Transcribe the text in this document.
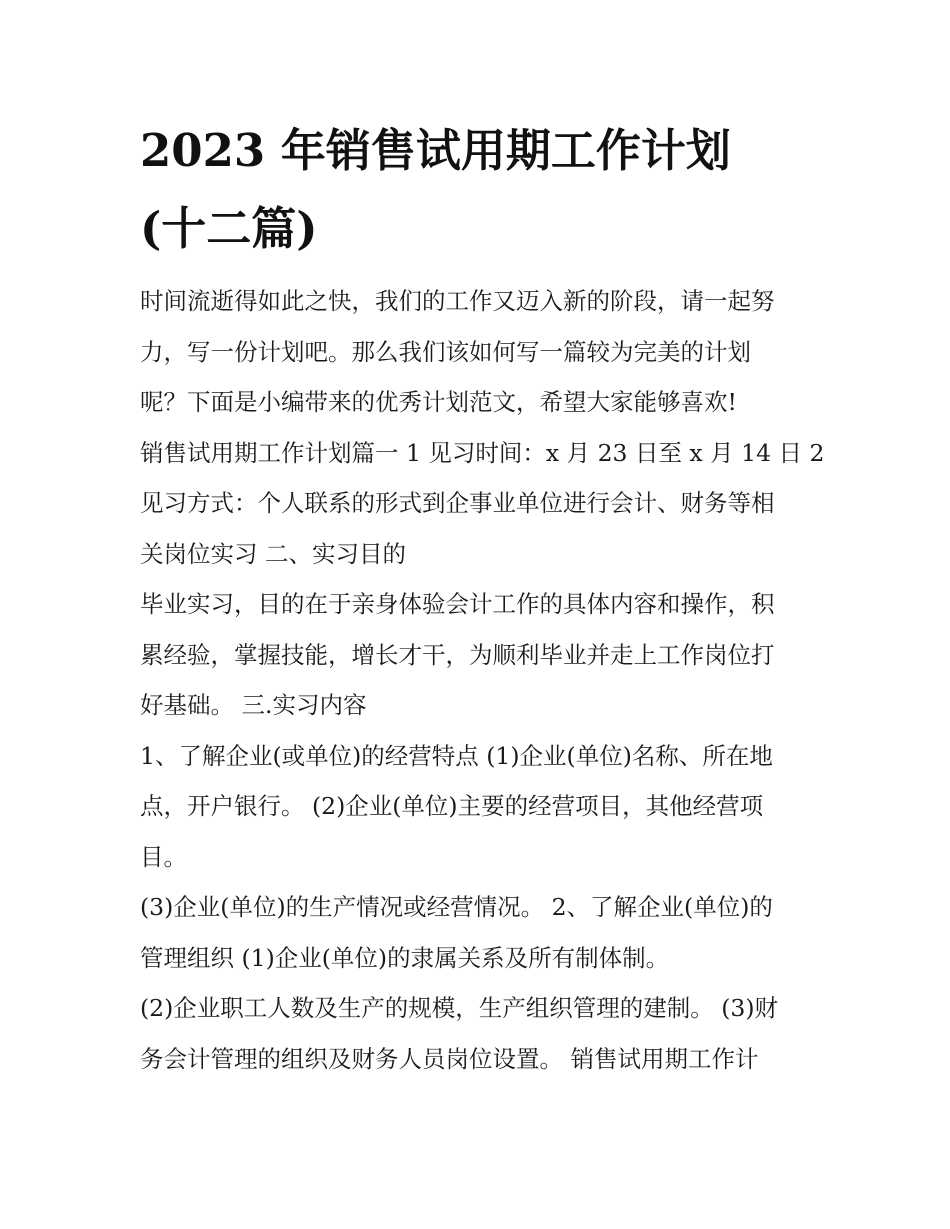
2023 年销售试用期工作计划
(十二篇)
时间流逝得如此之快，我们的工作又迈入新的阶段，请一起努
力，写一份计划吧。那么我们该如何写一篇较为完美的计划
呢？下面是小编带来的优秀计划范文，希望大家能够喜欢!
销售试用期工作计划篇一 1 见习时间：x 月 23 日至 x 月 14 日 2
见习方式：个人联系的形式到企事业单位进行会计、财务等相
关岗位实习 二、实习目的
毕业实习，目的在于亲身体验会计工作的具体内容和操作，积
累经验，掌握技能，增长才干，为顺利毕业并走上工作岗位打
好基础。 三.实习内容
1、了解企业(或单位)的经营特点 (1)企业(单位)名称、所在地
点，开户银行。 (2)企业(单位)主要的经营项目，其他经营项
目。
(3)企业(单位)的生产情况或经营情况。 2、了解企业(单位)的
管理组织 (1)企业(单位)的隶属关系及所有制体制。
(2)企业职工人数及生产的规模，生产组织管理的建制。 (3)财
务会计管理的组织及财务人员岗位设置。 销售试用期工作计
